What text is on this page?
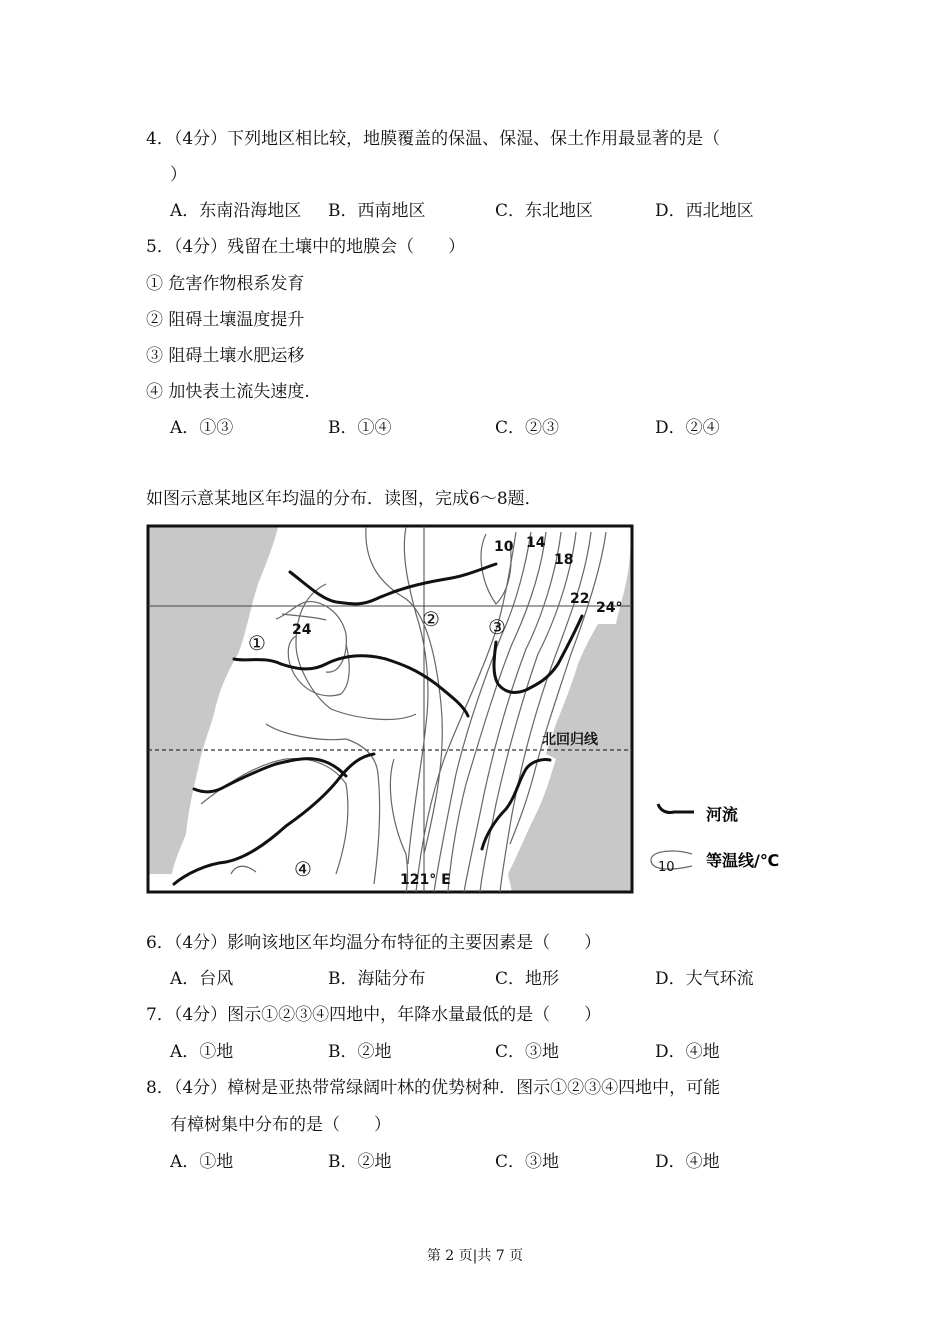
4．（4分）下列地区相比较，地膜覆盖的保温、保湿、保土作用最显著的是（
）
A．东南沿海地区 B．西南地区	C．东北地区	D．西北地区
5．（4分）残留在土壤中的地膜会（　　）
① 危害作物根系发育
② 阻碍土壤温度提升
③ 阻碍土壤水肥运移
④ 加快表土流失速度.
A．①③	B．①④	C．②③	D．②④
如图示意某地区年均温的分布．读图，完成6～8题．
10 14
18
22
24
24°
121° E
北回归线
①
② ③
④
河流
10 等温线/℃
6．（4分）影响该地区年均温分布特征的主要因素是（　　）
A．台风	B．海陆分布	C．地形	D．大气环流
7．（4分）图示①②③④四地中，年降水量最低的是（　　）
A．①地	B．②地	C．③地	D．④地
8．（4分）樟树是亚热带常绿阔叶林的优势树种．图示①②③④四地中，可能
有樟树集中分布的是（　　）
A．①地	B．②地	C．③地	D．④地
第 2 页|共 7 页
